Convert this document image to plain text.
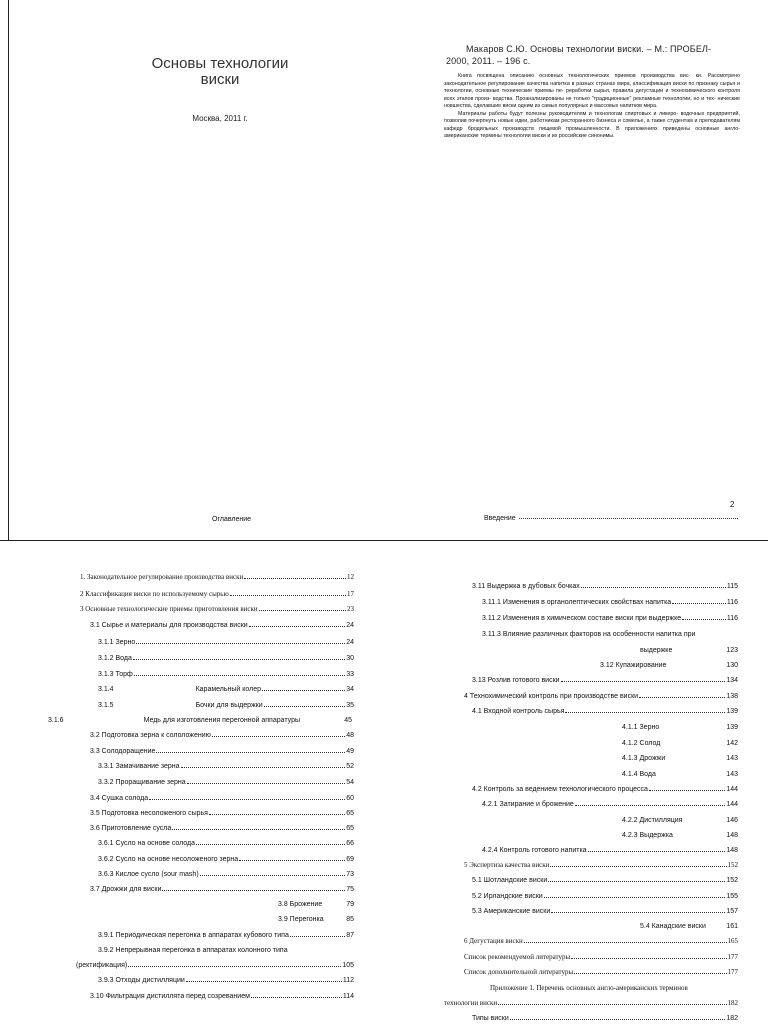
Основы технологии
виски
Москва, 2011 г.
Оглавление
Макаров С.Ю. Основы технологии виски. – М.: ПРОБЕЛ-
2000, 2011. – 196 с.

Книга посвящена описанию основных технологических приемов производства вис- ки. Рассмотрено законодательное регулирование качества напитка в разных странах мира, классификация виски по признаку сырья и технологии, основные технические приемы пе- реработки сырья, правила дегустации и технохимического контроля всех этапов произ- водства. Проанализированы не только "традиционные" рекламные технологии, но и тех- нические новшества, сделавшие виски одним из самых популярных и массовых напитков мира.

Материалы работы будут полезны руководителям и технологам спиртовых и ликеро- водочных предприятий, позволив почерпнуть новые идеи, работникам ресторанного бизнеса и сомелье, а также студентам и преподавателям кафедр бродильных производств пищевой промышленности. В приложениях приведены основные англо-американские термины технологии виски и их российские синонимы.

2
Введение
1. Законодательное регулирование производства виски	12
2 Классификация виски по используемому сырью	17
3 Основные технологические приемы приготовления виски	23
3.1 Сырье и материалы для производства виски	24
3.1.1 Зерно	24
3.1.2 Вода	30
3.1.3 Торф	33
3.1.4	Карамельный колер	34
3.1.5	Бочки для выдержки	35
3.1.6	Медь для изготовления перегонной аппаратуры	45
3.2 Подготовка зерна к сололожению	48
3.3 Солодоращение	49
3.3.1 Замачивание зерна	52
3.3.2 Проращивание зерна	54
3.4 Сушка солода	60
3.5 Подготовка несоложеного сырья	65
3.6 Приготовление сусла	65
3.6.1 Сусло на основе солода	66
3.6.2 Сусло на основе несоложеного зерна	69
3.6.3 Кислое сусло (sour mash)	73
3.7 Дрожжи для виски	75
3.8 Брожение	79
3.9 Перегонка	85
3.9.1 Периодическая перегонка в аппаратах кубового типа	87
3.9.2 Непрерывная перегонка в аппаратах колонного типа
(ректификация)	105
3.9.3 Отходы дистилляции	112
3.10 Фильтрация дистиллята перед созреванием	114
3.11 Выдержка в дубовых бочках	115
3.11.1 Изменения в органолептических свойствах напитка	116
3.11.2 Изменения в химическом составе виски при выдержке	116
3.11.3 Влияние различных факторов на особенности напитка при
выдержке	123
3.12 Купажирование	130
3.13 Розлив готового виски	134
4 Технохимический контроль при производстве виски	138
4.1 Входной контроль сырья	139
4.1.1 Зерно	139
4.1.2 Солод	142
4.1.3 Дрожжи	143
4.1.4 Вода	143
4.2 Контроль за ведением технологического процесса	144
4.2.1 Затирание и брожение	144
4.2.2 Дистилляция	146
4.2.3 Выдержка	148
4.2.4 Контроль готового напитка	148
5 Экспертиза качества виски	152
5.1 Шотландские виски	152
5.2 Ирландские виски	155
5.3 Американские виски	157
5.4 Канадские виски	161
6 Дегустация виски	165
Список рекомендуемой литературы	177
Список дополнительной литературы	177
Приложение 1. Перечень основных англо-американских терминов
технологии виски	182
Типы виски	182
